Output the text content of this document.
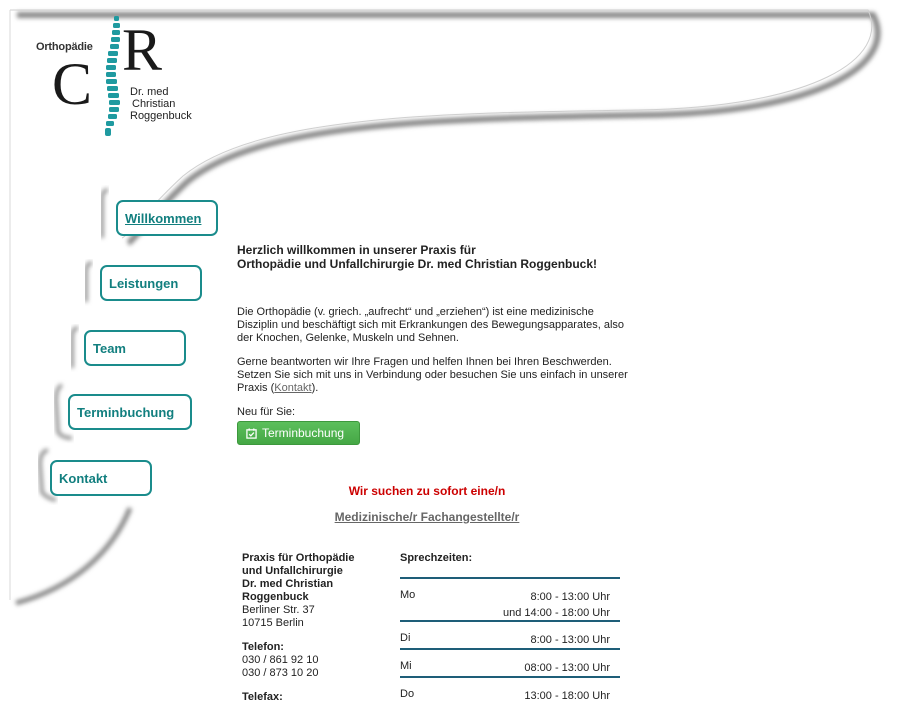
Orthopädie
C
R
Dr. med
Christian
Roggenbuck
Willkommen
Leistungen
Team
Terminbuchung
Kontakt

Herzlich willkommen in unserer Praxis für
Orthopädie und Unfallchirurgie Dr. med Christian Roggenbuck!

Die Orthopädie (v. griech. „aufrecht“ und „erziehen“) ist eine medizinische Disziplin und beschäftigt sich mit Erkrankungen des Bewegungsapparates, also der Knochen, Gelenke, Muskeln und Sehnen.

Gerne beantworten wir Ihre Fragen und helfen Ihnen bei Ihren Beschwerden. Setzen Sie sich mit uns in Verbindung oder besuchen Sie uns einfach in unserer Praxis (Kontakt).

Neu für Sie:

Terminbuchung
Wir suchen zu sofort eine/n
Medizinische/r Fachangestellte/r
Praxis für Orthopädie
und Unfallchirurgie
Dr. med Christian
Roggenbuck
Berliner Str. 37
10715 Berlin
Telefon:
030 / 861 92 10
030 / 873 10 20
Telefax:
Sprechzeiten:
Mo	8:00 - 13:00 Uhr
und 14:00 - 18:00 Uhr
Di	8:00 - 13:00 Uhr
Mi	08:00 - 13:00 Uhr
Do	13:00 - 18:00 Uhr
